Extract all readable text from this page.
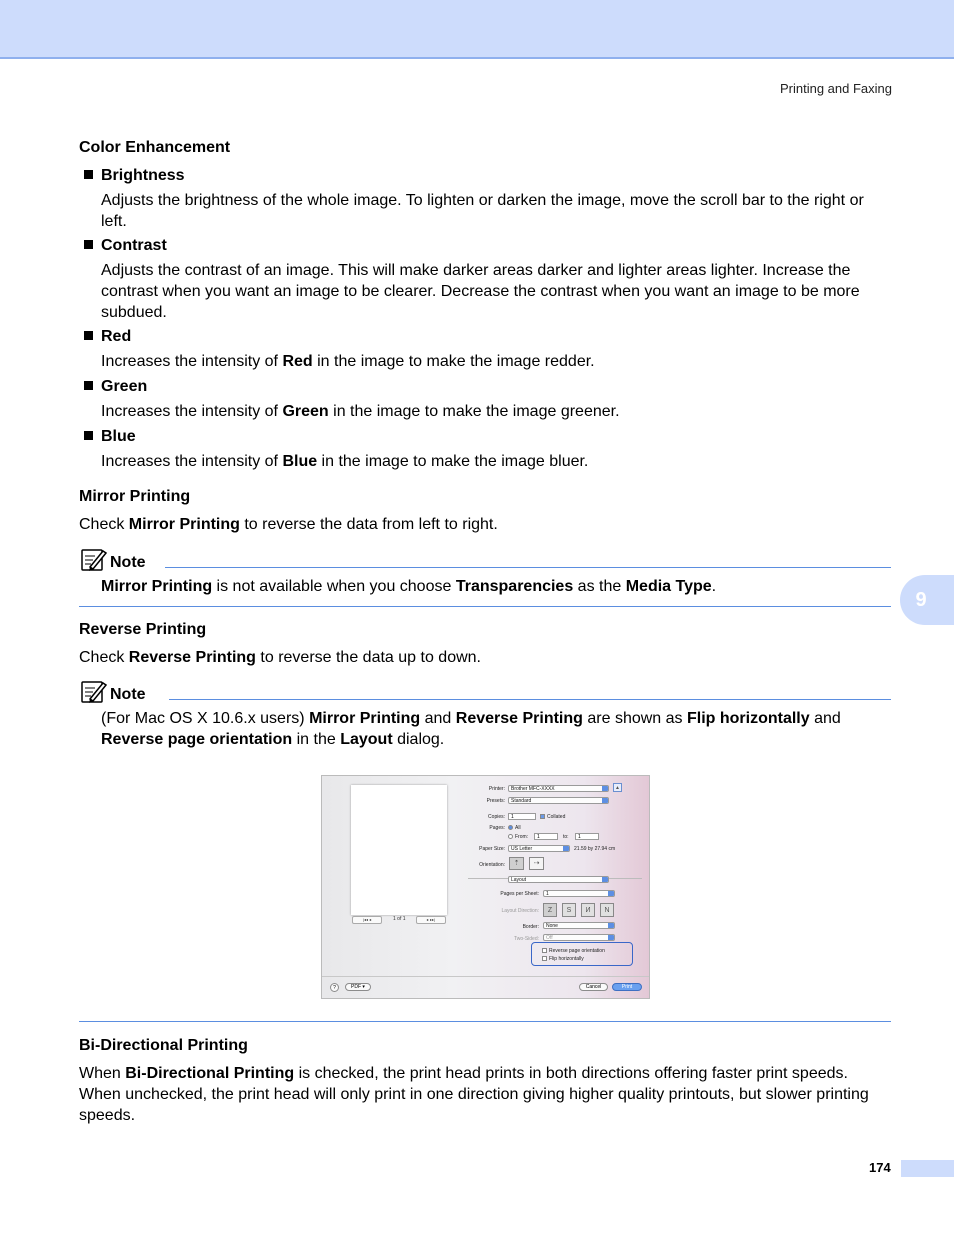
Printing and Faxing
Color Enhancement
Brightness
Adjusts the brightness of the whole image. To lighten or darken the image, move the scroll bar to the right or left.
Contrast
Adjusts the contrast of an image. This will make darker areas darker and lighter areas lighter. Increase the contrast when you want an image to be clearer. Decrease the contrast when you want an image to be more subdued.
Red
Increases the intensity of Red in the image to make the image redder.
Green
Increases the intensity of Green in the image to make the image greener.
Blue
Increases the intensity of Blue in the image to make the image bluer.
Mirror Printing
Check Mirror Printing to reverse the data from left to right.
Note
Mirror Printing is not available when you choose Transparencies as the Media Type.
9
Reverse Printing
Check Reverse Printing to reverse the data up to down.
Note
(For Mac OS X 10.6.x users) Mirror Printing and Reverse Printing are shown as Flip horizontally and Reverse page orientation in the Layout dialog.
|◂◂ ◂	1 of 1	▸ ▸▸|
Printer:	Brother MFC-XXXX	▲
Presets:	Standard
Copies:	1	Collated
Pages: All
From:	1	to:	1
Paper Size:	US Letter	21.59 by 27.94 cm
Orientation:	⇡	⇢
Layout
Pages per Sheet:	1
Layout Direction:	Z	S	И	N
Border:	None
Two-Sided:	Off
Reverse page orientation
Flip horizontally
?	PDF ▾	Cancel	Print
Bi-Directional Printing
When Bi-Directional Printing is checked, the print head prints in both directions offering faster print speeds. When unchecked, the print head will only print in one direction giving higher quality printouts, but slower printing speeds.
174
